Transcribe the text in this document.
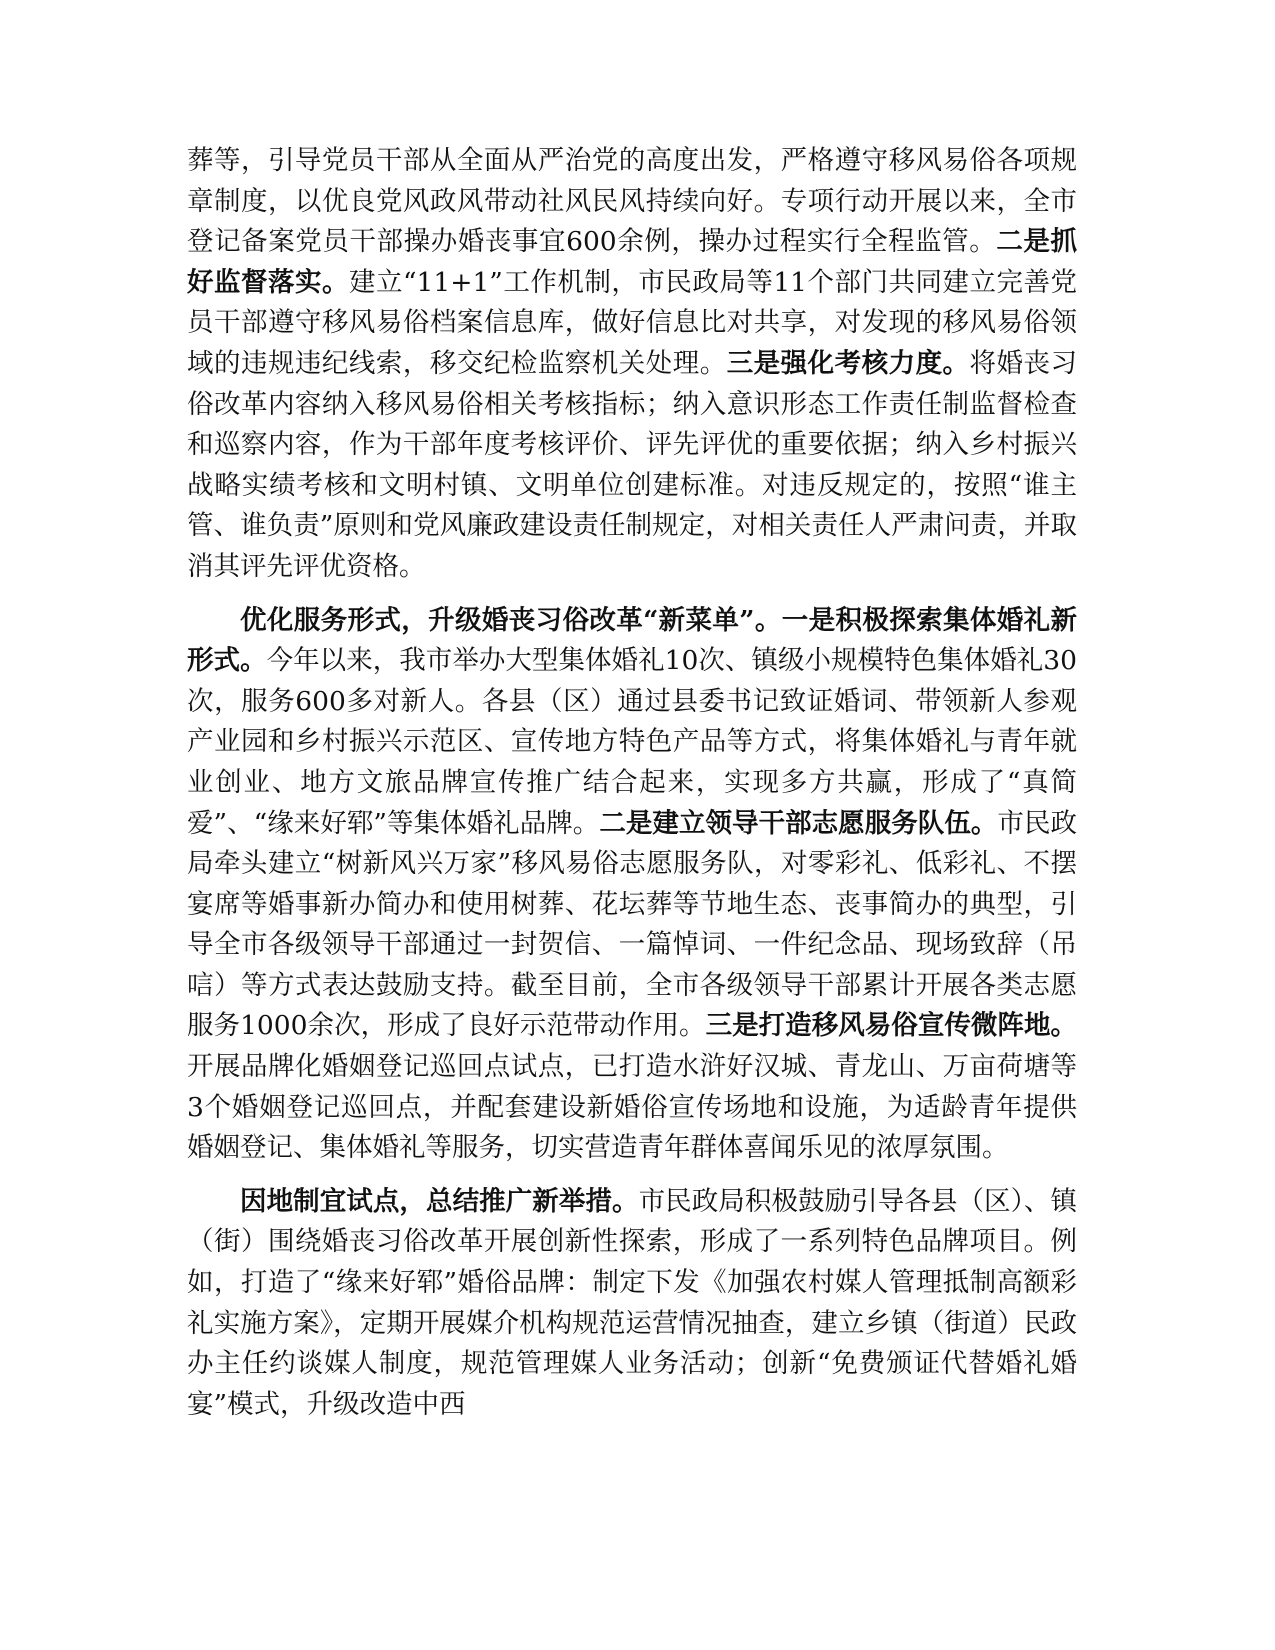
葬等，引导党员干部从全面从严治党的高度出发，严格遵守移风易俗各项规章制度，以优良党风政风带动社风民风持续向好。专项行动开展以来，全市登记备案党员干部操办婚丧事宜600余例，操办过程实行全程监管。二是抓好监督落实。建立“11+1”工作机制，市民政局等11个部门共同建立完善党员干部遵守移风易俗档案信息库，做好信息比对共享，对发现的移风易俗领域的违规违纪线索，移交纪检监察机关处理。三是强化考核力度。将婚丧习俗改革内容纳入移风易俗相关考核指标；纳入意识形态工作责任制监督检查和巡察内容，作为干部年度考核评价、评先评优的重要依据；纳入乡村振兴战略实绩考核和文明村镇、文明单位创建标准。对违反规定的，按照“谁主管、谁负责”原则和党风廉政建设责任制规定，对相关责任人严肃问责，并取消其评先评优资格。

优化服务形式，升级婚丧习俗改革“新菜单”。一是积极探索集体婚礼新形式。今年以来，我市举办大型集体婚礼10次、镇级小规模特色集体婚礼30次，服务600多对新人。各县（区）通过县委书记致证婚词、带领新人参观产业园和乡村振兴示范区、宣传地方特色产品等方式，将集体婚礼与青年就业创业、地方文旅品牌宣传推广结合起来，实现多方共赢，形成了“真简爱”、“缘来好郓”等集体婚礼品牌。二是建立领导干部志愿服务队伍。市民政局牵头建立“树新风兴万家”移风易俗志愿服务队，对零彩礼、低彩礼、不摆宴席等婚事新办简办和使用树葬、花坛葬等节地生态、丧事简办的典型，引导全市各级领导干部通过一封贺信、一篇悼词、一件纪念品、现场致辞（吊唁）等方式表达鼓励支持。截至目前，全市各级领导干部累计开展各类志愿服务1000余次，形成了良好示范带动作用。三是打造移风易俗宣传微阵地。开展品牌化婚姻登记巡回点试点，已打造水浒好汉城、青龙山、万亩荷塘等3个婚姻登记巡回点，并配套建设新婚俗宣传场地和设施，为适龄青年提供婚姻登记、集体婚礼等服务，切实营造青年群体喜闻乐见的浓厚氛围。

因地制宜试点，总结推广新举措。市民政局积极鼓励引导各县（区）、镇（街）围绕婚丧习俗改革开展创新性探索，形成了一系列特色品牌项目。例如，打造了“缘来好郓”婚俗品牌：制定下发《加强农村媒人管理抵制高额彩礼实施方案》，定期开展媒介机构规范运营情况抽查，建立乡镇（街道）民政办主任约谈媒人制度，规范管理媒人业务活动；创新“免费颁证代替婚礼婚宴”模式，升级改造中西
